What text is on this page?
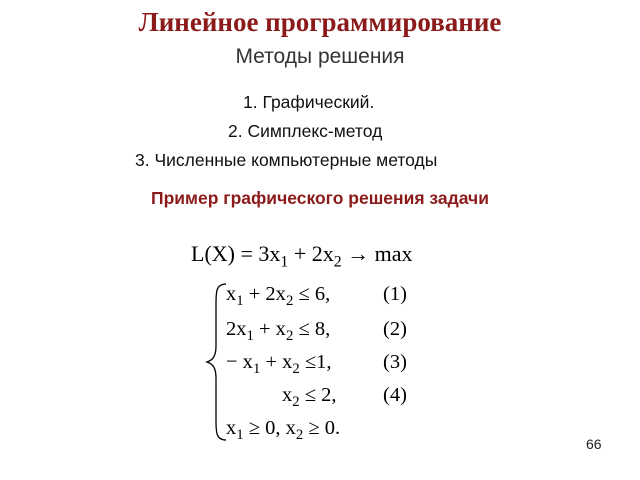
Линейное программирование
Методы решения
1. Графический.
2. Симплекс-метод
3. Численные компьютерные методы
Пример графического решения задачи
$L(X) = 3x_1 + 2x_2 \to \max$
$x_1 + 2x_2 \le 6$,	(1)
$2x_1 + x_2 \le 8$,	(2)
− $x_1 + x_2 \le 1$,	(3)
$x_2 \le 2$, (4)
$x_1 \ge 0$, $x_2 \ge 0$.
66
